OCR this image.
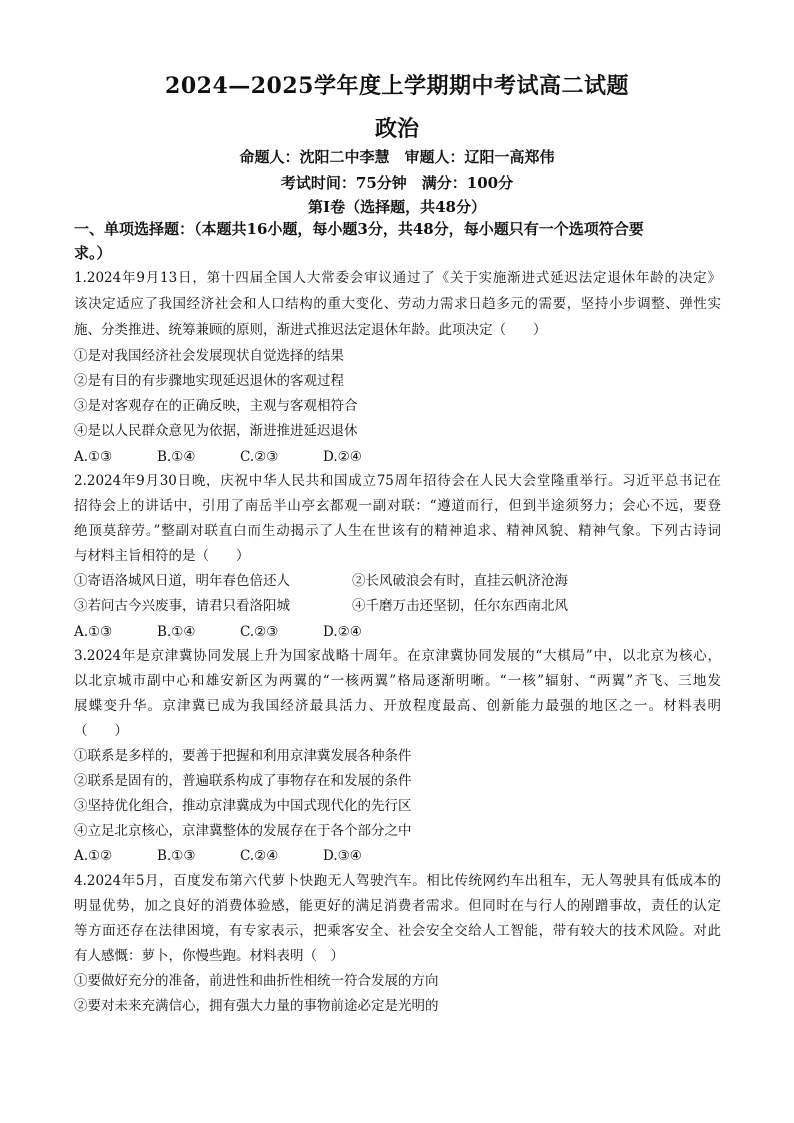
2024—2025学年度上学期期中考试高二试题
政治
命题人：沈阳二中李慧　审题人：辽阳一高郑伟
考试时间：75分钟　满分：100分
第I卷（选择题，共48分）
一、单项选择题：（本题共16小题，每小题3分，共48分，每小题只有一个选项符合要
求。）
1.2024年9月13日，第十四届全国人大常委会审议通过了《关于实施渐进式延迟法定退休年龄的决定》
该决定适应了我国经济社会和人口结构的重大变化、劳动力需求日趋多元的需要，坚持小步调整、弹性实
施、分类推进、统筹兼顾的原则，渐进式推迟法定退休年龄。此项决定（　　）
①是对我国经济社会发展现状自觉选择的结果
②是有目的有步骤地实现延迟退休的客观过程
③是对客观存在的正确反映，主观与客观相符合
④是以人民群众意见为依据，渐进推进延迟退休
A.①③	B.①④	C.②③	D.②④
2.2024年9月30日晚，庆祝中华人民共和国成立75周年招待会在人民大会堂隆重举行。习近平总书记在
招待会上的讲话中，引用了南岳半山亭玄都观一副对联：“遵道而行，但到半途须努力；会心不远，要登
绝顶莫辞劳。”整副对联直白而生动揭示了人生在世该有的精神追求、精神风貌、精神气象。下列古诗词
与材料主旨相符的是（　　）
①寄语洛城风日道，明年春色倍还人	②长风破浪会有时，直挂云帆济沧海
③若问古今兴废事，请君只看洛阳城	④千磨万击还坚韧，任尔东西南北风
A.①③	B.①④	C.②③	D.②④
3.2024年是京津冀协同发展上升为国家战略十周年。在京津冀协同发展的“大棋局”中，以北京为核心，
以北京城市副中心和雄安新区为两翼的“一核两翼”格局逐渐明晰。“一核”辐射、“两翼”齐飞、三地发
展蝶变升华。京津冀已成为我国经济最具活力、开放程度最高、创新能力最强的地区之一。材料表明
（　　）
①联系是多样的，要善于把握和利用京津冀发展各种条件
②联系是固有的，普遍联系构成了事物存在和发展的条件
③坚持优化组合，推动京津冀成为中国式现代化的先行区
④立足北京核心，京津冀整体的发展存在于各个部分之中
A.①②	B.①③	C.②④	D.③④
4.2024年5月，百度发布第六代萝卜快跑无人驾驶汽车。相比传统网约车出租车，无人驾驶具有低成本的
明显优势，加之良好的消费体验感，能更好的满足消费者需求。但同时在与行人的剐蹭事故，责任的认定
等方面还存在法律困境，有专家表示，把乘客安全、社会安全交给人工智能，带有较大的技术风险。对此
有人感慨：萝卜，你慢些跑。材料表明（　）
①要做好充分的准备，前进性和曲折性相统一符合发展的方向
②要对未来充满信心，拥有强大力量的事物前途必定是光明的
